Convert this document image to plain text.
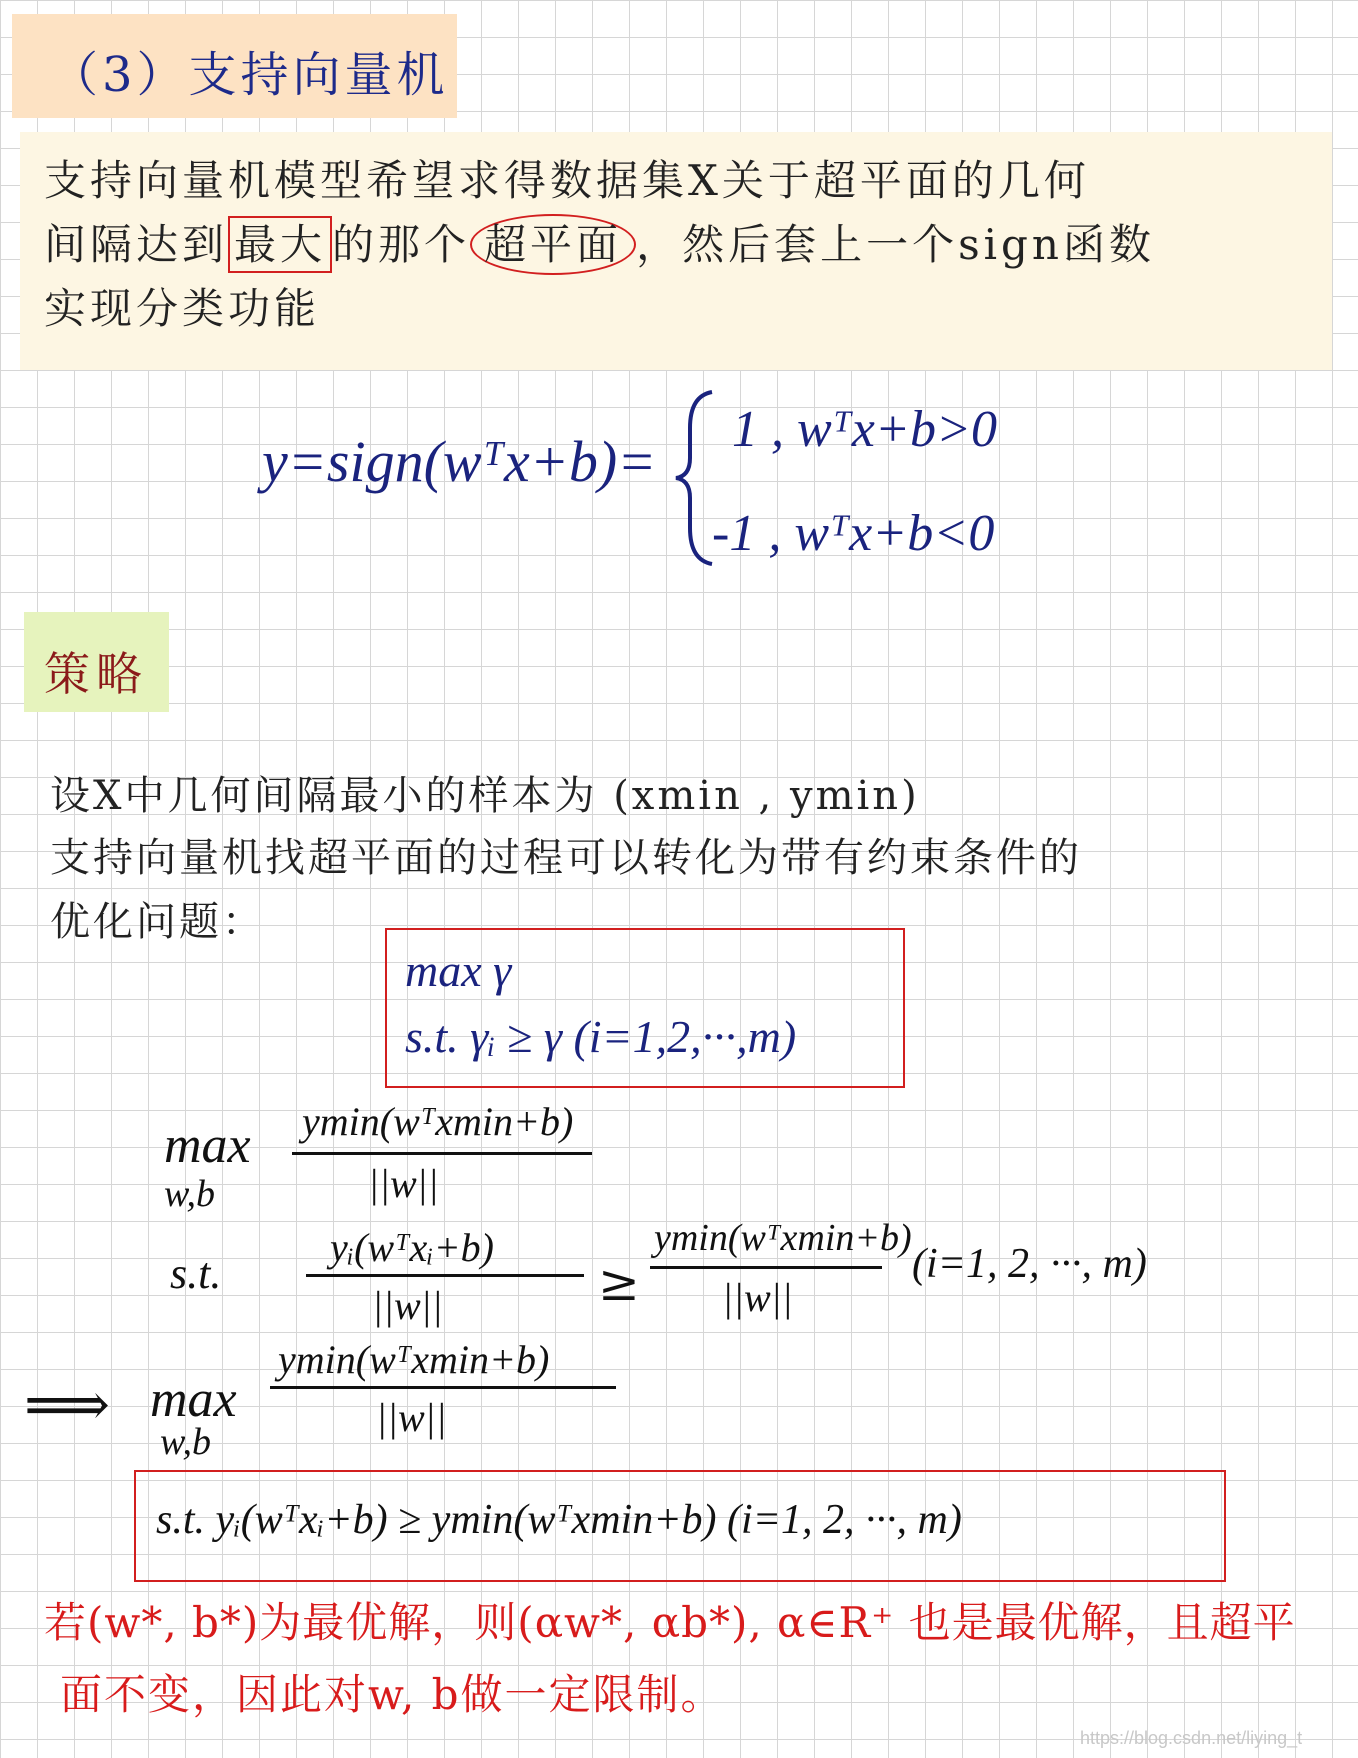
（3）支持向量机
支持向量机模型希望求得数据集X关于超平面的几何
间隔达到 最大 的那个 超平面 ，然后套上一个sign函数
实现分类功能
y=sign(wᵀx+b)= 1 , wᵀx+b>0
-1 , wᵀx+b<0
策略
设X中几何间隔最小的样本为 (xmin , ymin)
支持向量机找超平面的过程可以转化为带有约束条件的
优化问题：
max γ
s.t. γᵢ ≥ γ (i=1,2,···,m)
max
w,b
ymin(wᵀxmin+b)
||w||
s.t.
yᵢ(wᵀxᵢ+b)
||w||	≥
ymin(wᵀxmin+b)
||w||
(i=1, 2, ···, m)
⟹ max
w,b
ymin(wᵀxmin+b)
||w||
s.t. yᵢ(wᵀxᵢ+b) ≥ ymin(wᵀxmin+b) (i=1, 2, ···, m)
若(w*, b*)为最优解，则(αw*, αb*), α∈R⁺ 也是最优解，且超平
面不变，因此对w, b做一定限制。
https://blog.csdn.net/liying_t
